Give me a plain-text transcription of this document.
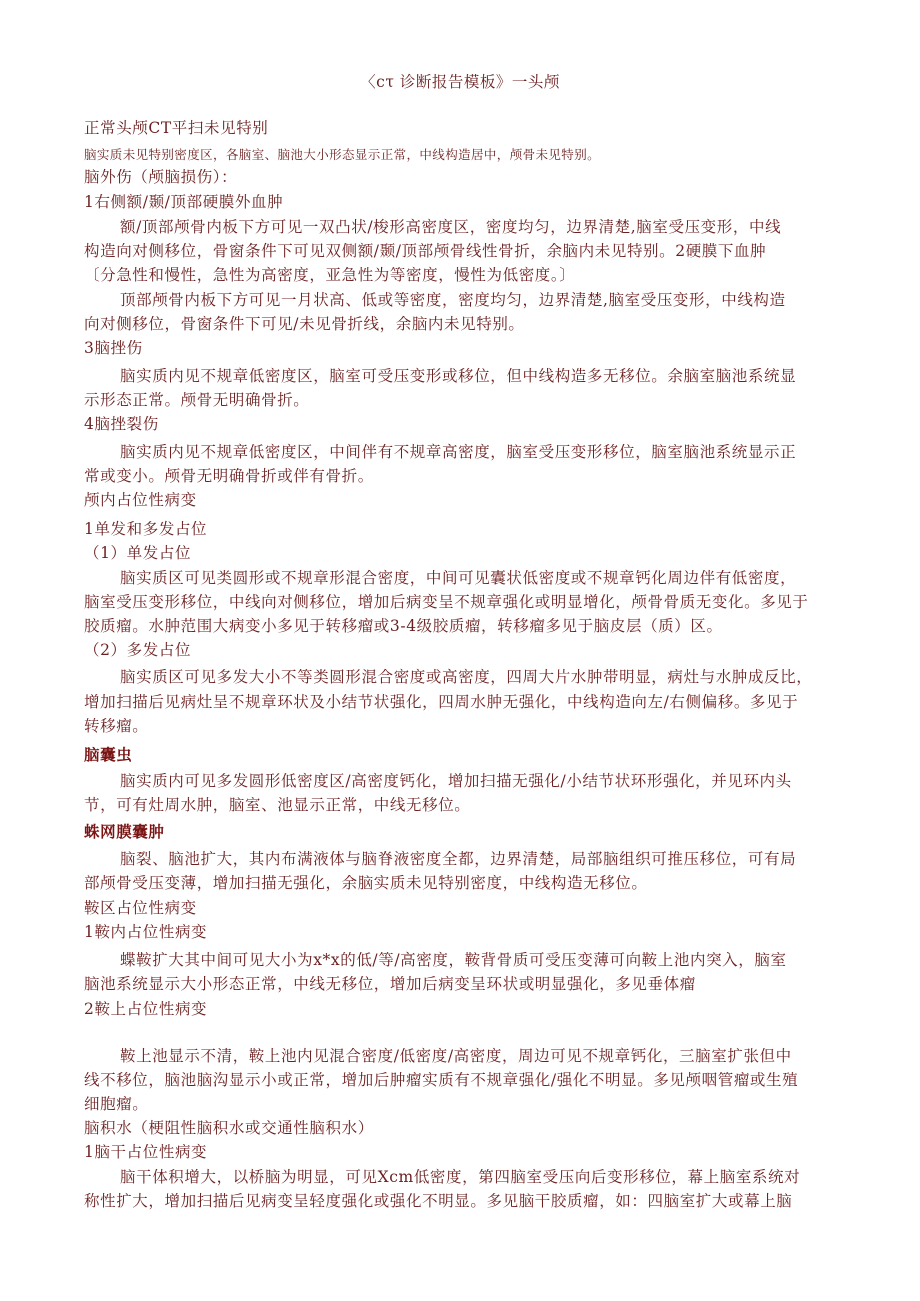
〈cτ 诊断报告模板》一头颅
正常头颅CT平扫未见特别
脑实质未见特别密度区，各脑室、脑池大小形态显示正常，中线构造居中，颅骨未见特别。
脑外伤（颅脑损伤）：
1右侧额/颞/顶部硬膜外血肿
额/顶部颅骨内板下方可见一双凸状/梭形高密度区，密度均匀，边界清楚,脑室受压变形，中线
构造向对侧移位，骨窗条件下可见双侧额/颞/顶部颅骨线性骨折，余脑内未见特别。2硬膜下血肿
〔分急性和慢性，急性为高密度，亚急性为等密度，慢性为低密度。〕
顶部颅骨内板下方可见一月状高、低或等密度，密度均匀，边界清楚,脑室受压变形，中线构造
向对侧移位，骨窗条件下可见/未见骨折线，余脑内未见特别。
3脑挫伤
脑实质内见不规章低密度区，脑室可受压变形或移位，但中线构造多无移位。余脑室脑池系统显
示形态正常。颅骨无明确骨折。
4脑挫裂伤
脑实质内见不规章低密度区，中间伴有不规章高密度，脑室受压变形移位，脑室脑池系统显示正
常或变小。颅骨无明确骨折或伴有骨折。
颅内占位性病变
1单发和多发占位
（1）单发占位
脑实质区可见类圆形或不规章形混合密度，中间可见囊状低密度或不规章钙化周边伴有低密度，
脑室受压变形移位，中线向对侧移位，增加后病变呈不规章强化或明显增化，颅骨骨质无变化。多见于
胶质瘤。水肿范围大病变小多见于转移瘤或3-4级胶质瘤，转移瘤多见于脑皮层（质）区。
（2）多发占位
脑实质区可见多发大小不等类圆形混合密度或高密度，四周大片水肿带明显，病灶与水肿成反比，
增加扫描后见病灶呈不规章环状及小结节状强化，四周水肿无强化，中线构造向左/右侧偏移。多见于
转移瘤。
脑囊虫
脑实质内可见多发圆形低密度区/高密度钙化，增加扫描无强化/小结节状环形强化，并见环内头
节，可有灶周水肿，脑室、池显示正常，中线无移位。
蛛网膜囊肿
脑裂、脑池扩大，其内布满液体与脑脊液密度全都，边界清楚，局部脑组织可推压移位，可有局
部颅骨受压变薄，增加扫描无强化，余脑实质未见特别密度，中线构造无移位。
鞍区占位性病变
1鞍内占位性病变
蝶鞍扩大其中间可见大小为x*x的低/等/高密度，鞍背骨质可受压变薄可向鞍上池内突入，脑室
脑池系统显示大小形态正常，中线无移位，增加后病变呈环状或明显强化，多见垂体瘤
2鞍上占位性病变
鞍上池显示不清，鞍上池内见混合密度/低密度/高密度，周边可见不规章钙化，三脑室扩张但中
线不移位，脑池脑沟显示小或正常，增加后肿瘤实质有不规章强化/强化不明显。多见颅咽管瘤或生殖
细胞瘤。
脑积水（梗阻性脑积水或交通性脑积水）
1脑干占位性病变
脑干体积增大，以桥脑为明显，可见Xcm低密度，第四脑室受压向后变形移位，幕上脑室系统对
称性扩大，增加扫描后见病变呈轻度强化或强化不明显。多见脑干胶质瘤，如：四脑室扩大或幕上脑
